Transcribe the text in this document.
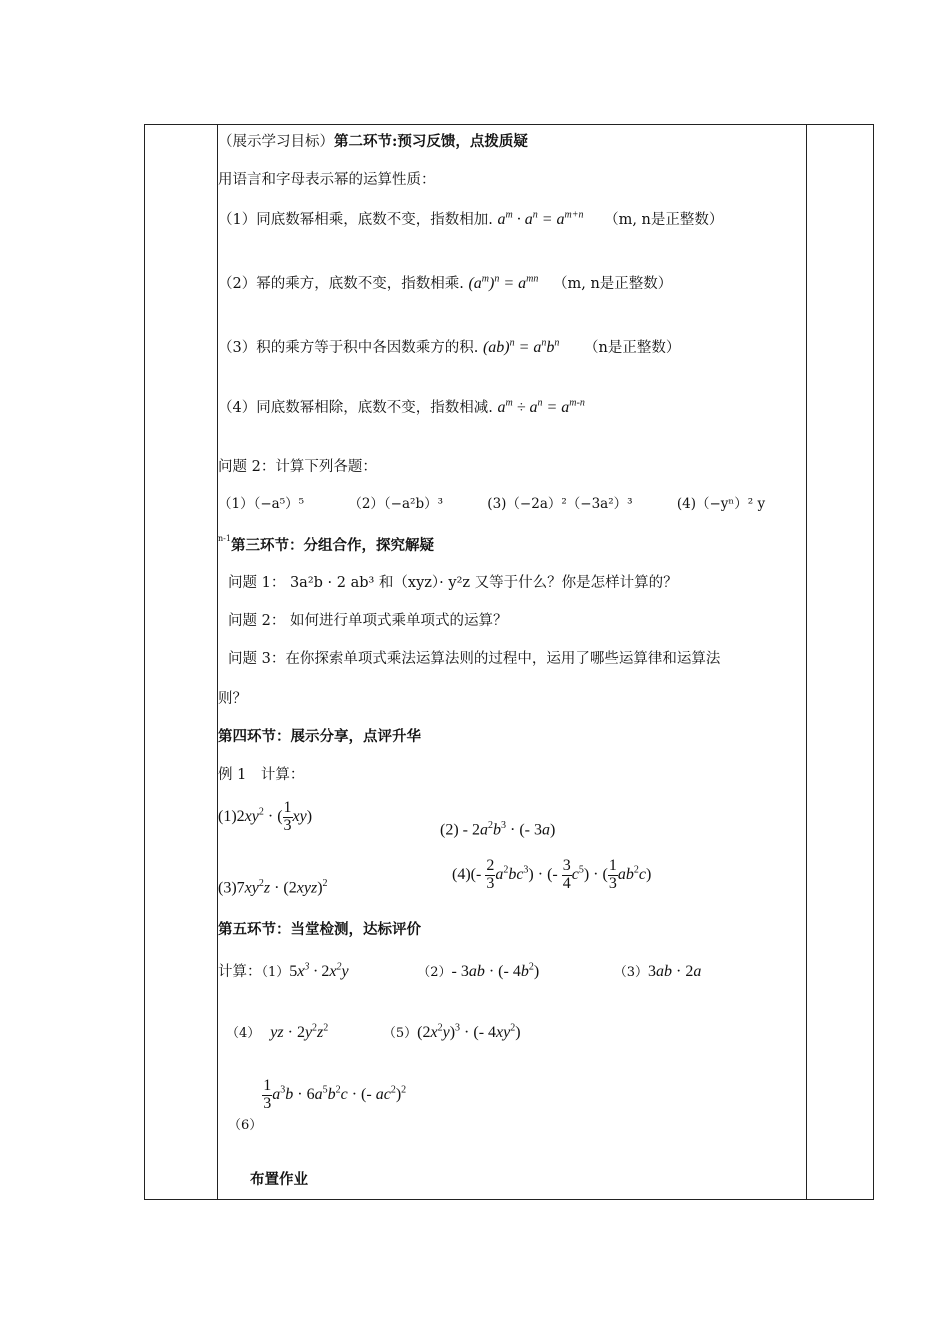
（展示学习目标）第二环节:预习反馈，点拨质疑
用语言和字母表示幂的运算性质：
（1）同底数幂相乘，底数不变，指数相加. $a^m \cdot a^n = a^{m+n}$ （m, n是正整数）
（2）幂的乘方，底数不变，指数相乘. $(a^m)^n = a^{mn}$ （m, n是正整数）
（3）积的乘方等于积中各因数乘方的积. $(ab)^n = a^nb^n$ （n是正整数）
（4）同底数幂相除，底数不变，指数相减. $a^m \div a^n = a^{m-n}$
问题 2：计算下列各题：
（1）（−a⁵）⁵	（2）（−a²b）³	(3)（−2a）²（−3a²）³	(4)（−yⁿ）² y
$^{n-1}$第三环节：分组合作，探究解疑
问题 1： 3a²b · 2 ab³ 和（xyz）· y²z 又等于什么？你是怎样计算的？
问题 2： 如何进行单项式乘单项式的运算？
问题 3：在你探索单项式乘法运算法则的过程中，运用了哪些运算律和运算法
则？
第四环节：展示分享，点评升华
例 1　计算：
$(1)2xy^2$ · ( $\frac{1}{3} xy$)
$(2) - 2a^2b^3$ · (- 3a)
$(3)7xy^2z \cdot (2xyz)^2$
$(4)(- \frac{2}{3} a^2bc^3)$ · (- $\frac{3}{4} c^5$) · ( $\frac{1}{3} ab^2c$)
第五环节：当堂检测，达标评价
计算：$(1)5x^3 \cdot 2x^2y$	（2）- 3ab · (- $4b^2$)	（3）3ab · 2a
（4） yz · $2y^2z^2$	$(5)(2x^2y)^3$ · (- $4xy^2$)
（6）
$\frac{1}{3} a^3b \cdot 6a^5b^2c$ · (- $ac^2)^2$
布置作业
